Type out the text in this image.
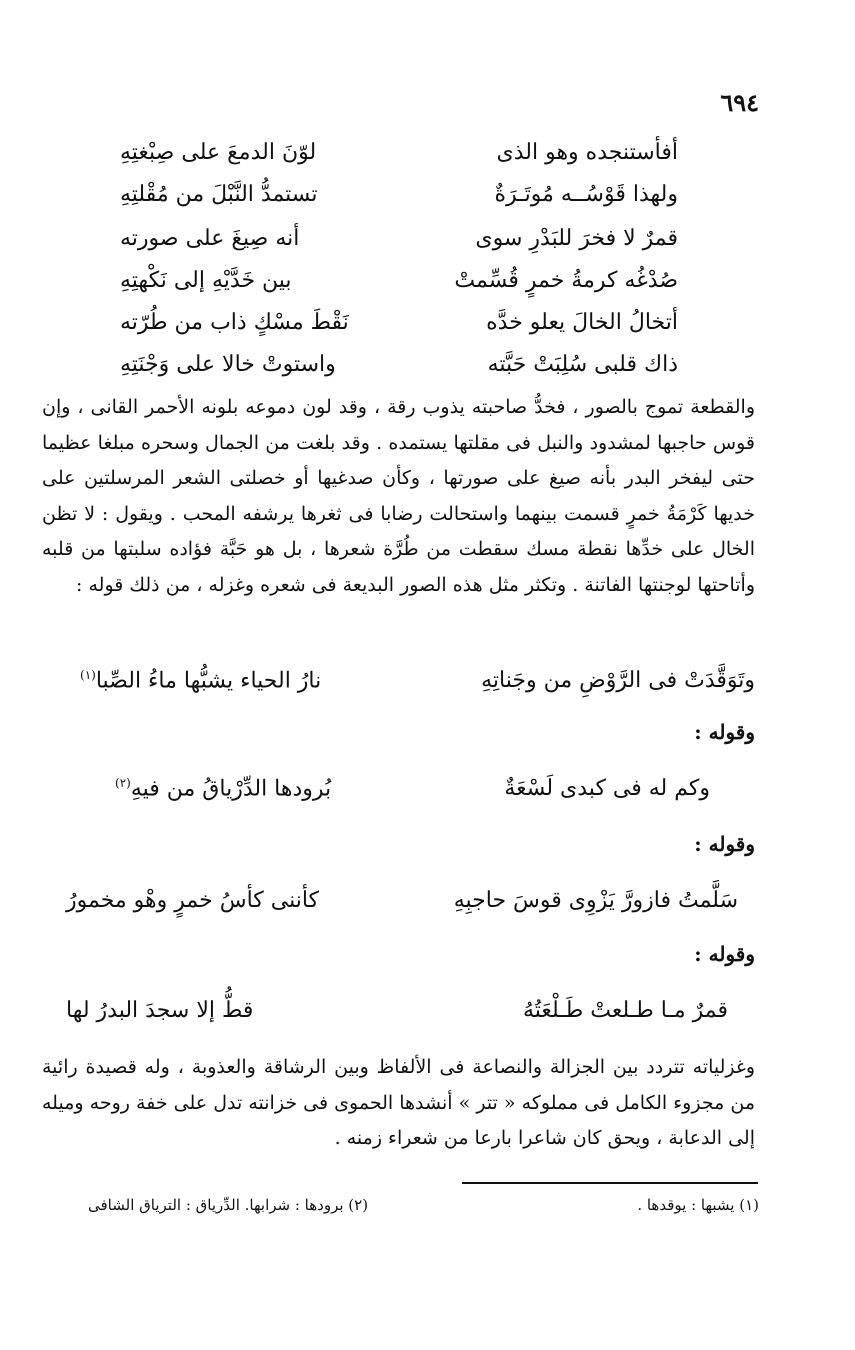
٦٩٤
أفأستنجده وهو الذى
لوّنَ الدمعَ على صِبْغتِهِ
ولهذا قَوْسُــه مُوتَـرَةٌ
تستمدُّ النَّبْلَ من مُقْلتِهِ
قمرٌ لا فخرَ للبَدْرِ سوى
أنه صِيغَ على صورته
صُدْغُه كرمةُ خمرٍ قُسِّمتْ
بين خَدَّيْهِ إلى نَكْهتِهِ
أتخالُ الخالَ يعلو خدَّه
نَقْطَ مسْكٍ ذاب من طُرّته
ذاك قلبى سُلِبَتْ حَبَّته
واستوتْ خالا على وَجْنَتِهِ

والقطعة تموج بالصور ، فخدُّ صاحبته يذوب رقة ، وقد لون دموعه بلونه الأحمر القانى ، وإن قوس حاجبها لمشدود والنبل فى مقلتها يستمده . وقد بلغت من الجمال وسحره مبلغا عظيما حتى ليفخر البدر بأنه صيغ على صورتها ، وكأن صدغيها أو خصلتى الشعر المرسلتين على خديها كَرْمَةُ خمرٍ قسمت بينهما واستحالت رضابا فى ثغرها يرشفه المحب . ويقول : لا تظن الخال على خدِّها نقطة مسك سقطت من طُرَّة شعرها ، بل هو حَبَّة فؤاده سلبتها من قلبه وأتاحتها لوجنتها الفاتنة . وتكثر مثل هذه الصور البديعة فى شعره وغزله ، من ذلك قوله :

وتَوَقَّدَتْ فى الرَّوْضِ من وجَناتِهِ
نارُ الحياء يشبُّها ماءُ الصِّبا$^{(١)}$
وقوله :
وكم له فى كبدى لَسْعَةٌ
بُرودها الدِّرْياقُ من فيهِ$^{(٢)}$
وقوله :
سَلَّمتُ فازورَّ يَزْوِى قوسَ حاجبِهِ
كأننى كأسُ خمرٍ وهْو مخمورُ
وقوله :
قمرٌ مـا طـلعتْ طَـلْعَتُهُ
قطُّ إلا سجدَ البدرُ لها

وغزلياته تتردد بين الجزالة والنصاعة فى الألفاظ وبين الرشاقة والعذوبة ، وله قصيدة رائية من مجزوء الكامل فى مملوكه « تتر » أنشدها الحموى فى خزانته تدل على خفة روحه وميله إلى الدعابة ، ويحق كان شاعرا بارعا من شعراء زمنه .

(١) يشبها : يوقدها .
(٢) برودها : شرابها. الدِّرياق : الترياق الشافى
